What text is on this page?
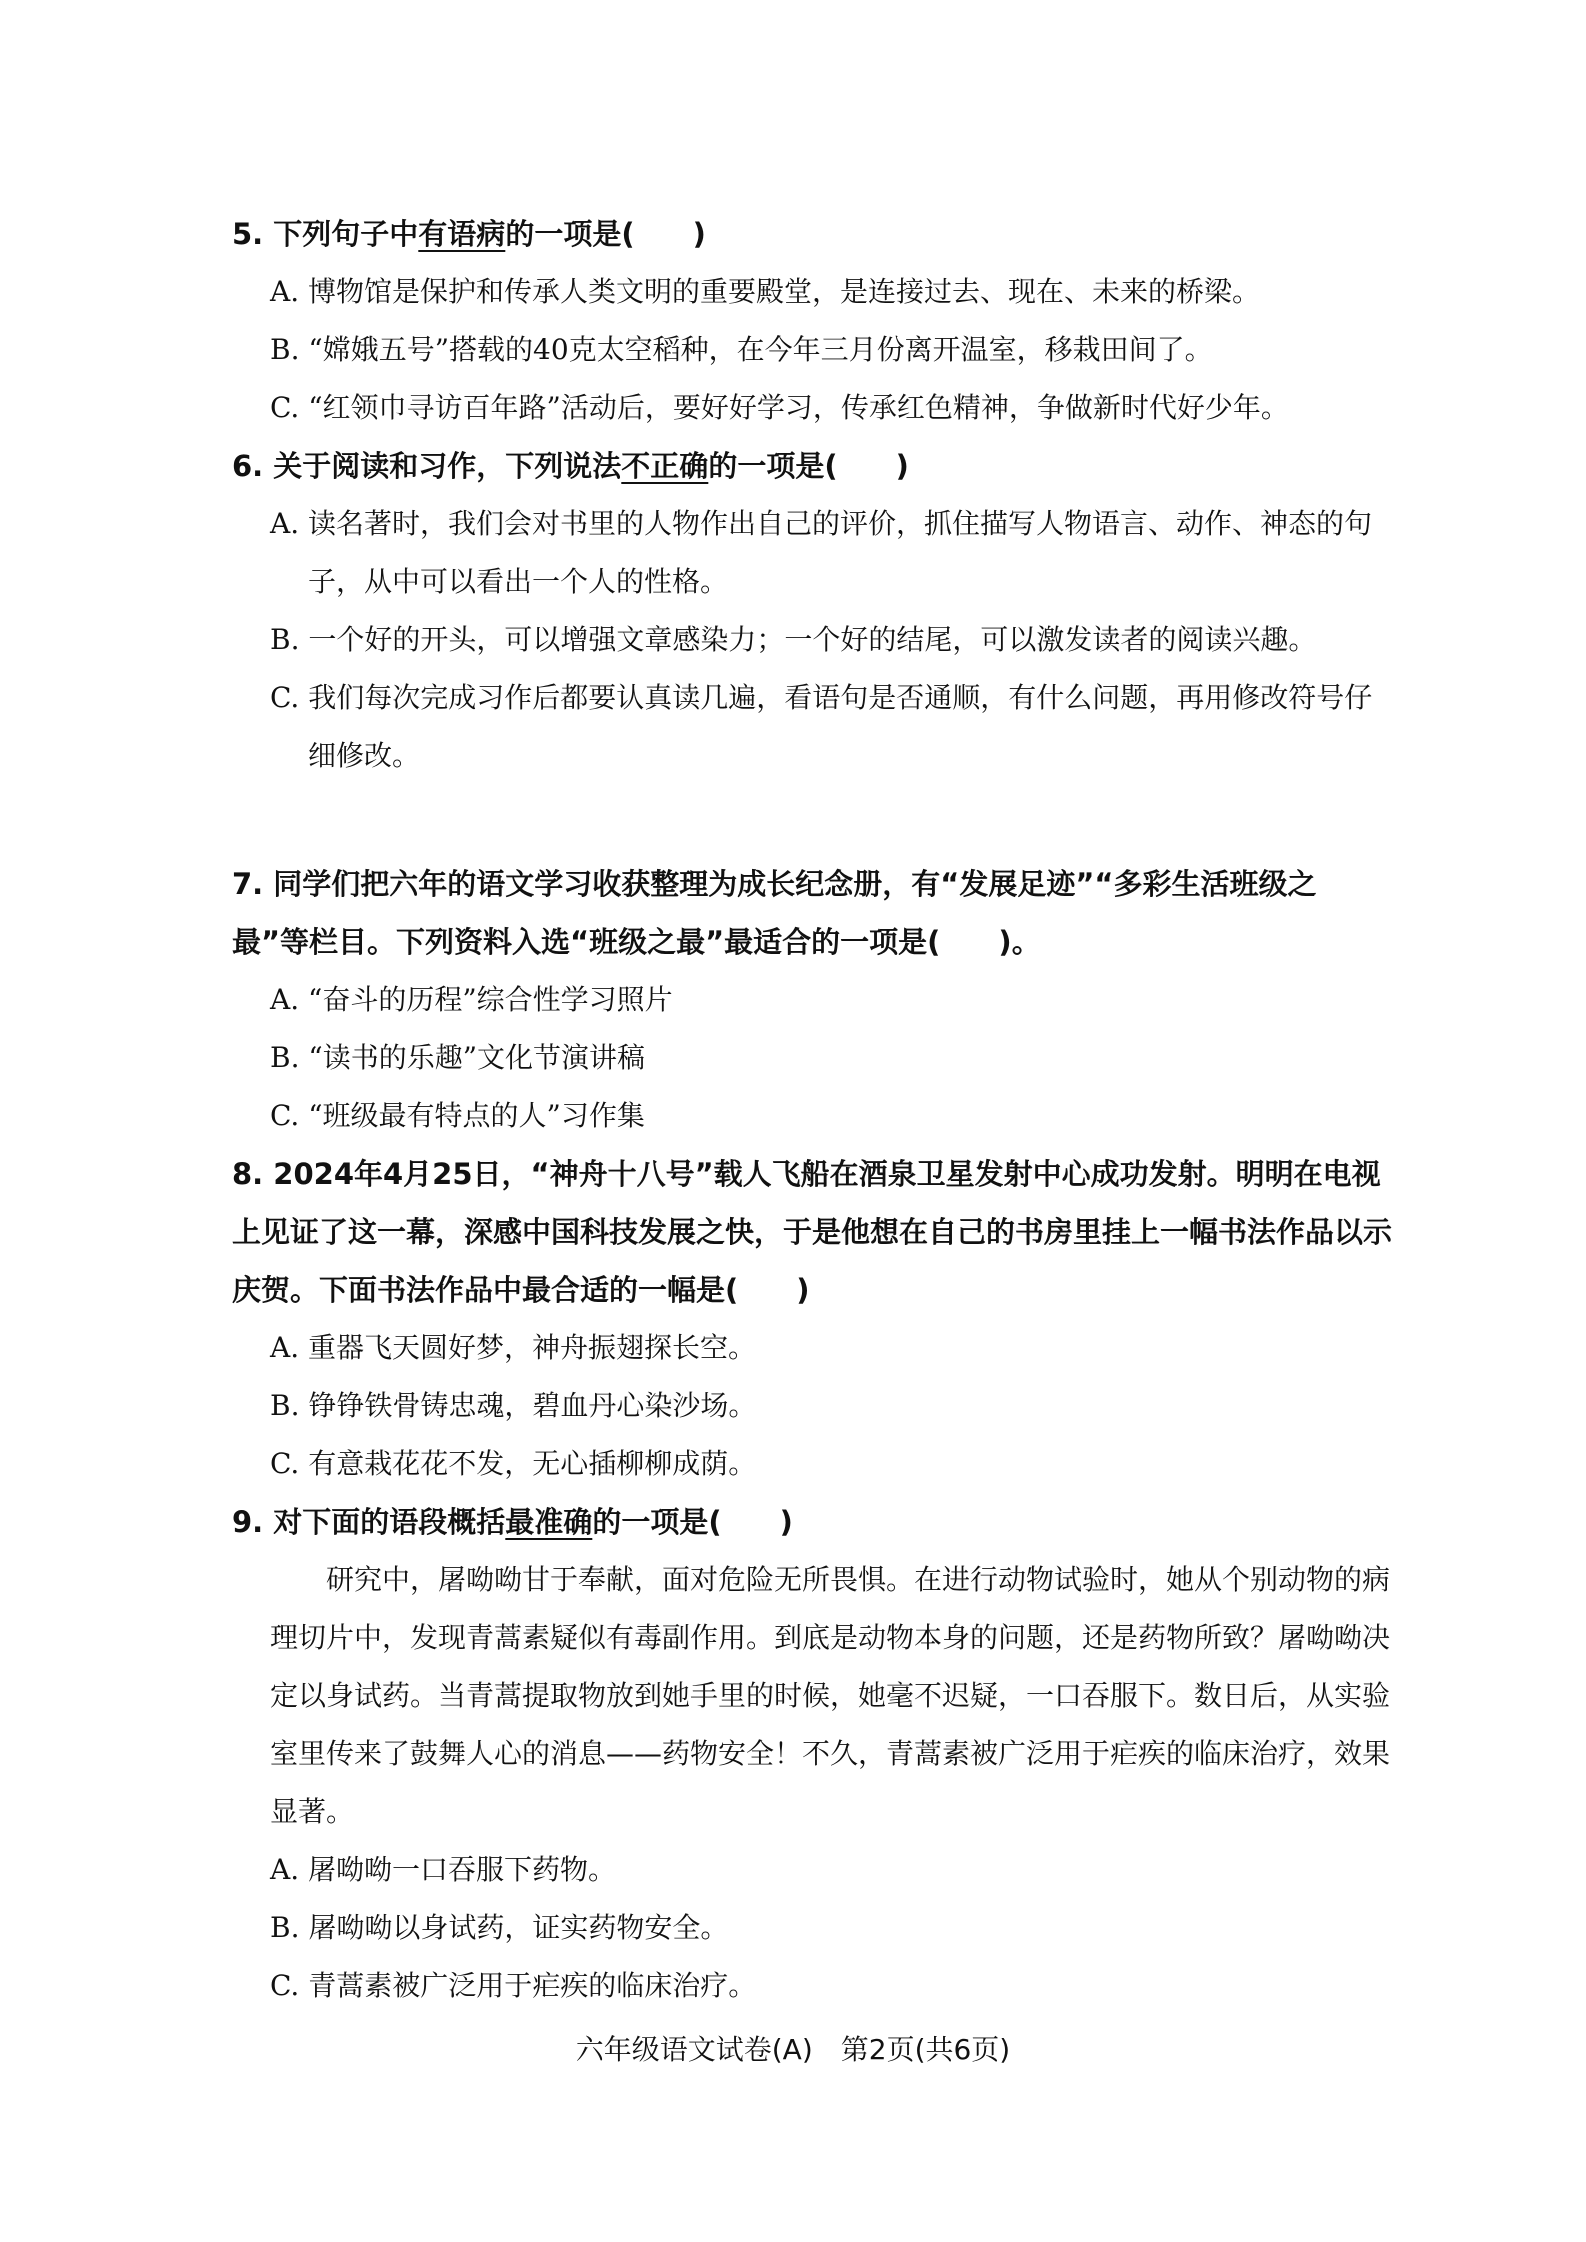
5. 下列句子中有语病的一项是(　　)

A. 博物馆是保护和传承人类文明的重要殿堂，是连接过去、现在、未来的桥梁。

B. “嫦娥五号”搭载的40克太空稻种，在今年三月份离开温室，移栽田间了。

C. “红领巾寻访百年路”活动后，要好好学习，传承红色精神，争做新时代好少年。

6. 关于阅读和习作，下列说法不正确的一项是(　　)

A. 读名著时，我们会对书里的人物作出自己的评价，抓住描写人物语言、动作、神态的句子，从中可以看出一个人的性格。

B. 一个好的开头，可以增强文章感染力；一个好的结尾，可以激发读者的阅读兴趣。

C. 我们每次完成习作后都要认真读几遍，看语句是否通顺，有什么问题，再用修改符号仔细修改。

7. 同学们把六年的语文学习收获整理为成长纪念册，有“发展足迹”“多彩生活班级之最”等栏目。下列资料入选“班级之最”最适合的一项是(　　)。

A. “奋斗的历程”综合性学习照片

B. “读书的乐趣”文化节演讲稿

C. “班级最有特点的人”习作集

8. 2024年4月25日，“神舟十八号”载人飞船在酒泉卫星发射中心成功发射。明明在电视上见证了这一幕，深感中国科技发展之快，于是他想在自己的书房里挂上一幅书法作品以示庆贺。下面书法作品中最合适的一幅是(　　)

A. 重器飞天圆好梦，神舟振翅探长空。

B. 铮铮铁骨铸忠魂，碧血丹心染沙场。

C. 有意栽花花不发，无心插柳柳成荫。

9. 对下面的语段概括最准确的一项是(　　)

研究中，屠呦呦甘于奉献，面对危险无所畏惧。在进行动物试验时，她从个别动物的病理切片中，发现青蒿素疑似有毒副作用。到底是动物本身的问题，还是药物所致？屠呦呦决定以身试药。当青蒿提取物放到她手里的时候，她毫不迟疑，一口吞服下。数日后，从实验室里传来了鼓舞人心的消息——药物安全！不久，青蒿素被广泛用于疟疾的临床治疗，效果显著。

A. 屠呦呦一口吞服下药物。

B. 屠呦呦以身试药，证实药物安全。

C. 青蒿素被广泛用于疟疾的临床治疗。

六年级语文试卷(A)　第2页(共6页)
